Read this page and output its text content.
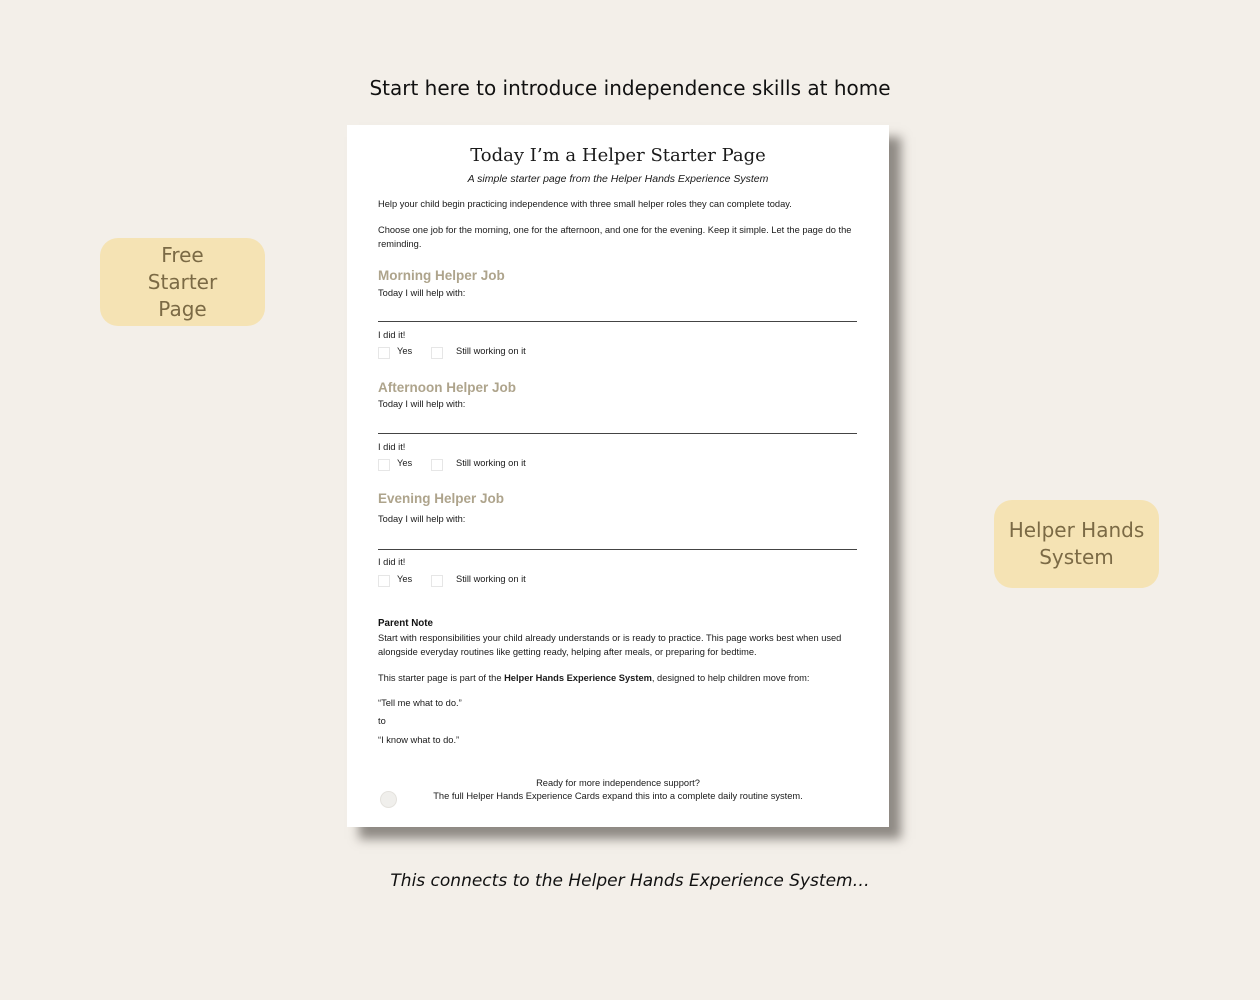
Start here to introduce independence skills at home
Free Starter Page
Helper Hands System
Today I’m a Helper Starter Page
A simple starter page from the Helper Hands Experience System
Help your child begin practicing independence with three small helper roles they can complete today.
Choose one job for the morning, one for the afternoon, and one for the evening. Keep it simple. Let the page do the reminding.
Morning Helper Job
Today I will help with:
I did it!
Yes	Still working on it
Afternoon Helper Job
Today I will help with:
I did it!
Yes	Still working on it
Evening Helper Job
Today I will help with:
I did it!
Yes	Still working on it
Parent Note
Start with responsibilities your child already understands or is ready to practice. This page works best when used alongside everyday routines like getting ready, helping after meals, or preparing for bedtime.
This starter page is part of the Helper Hands Experience System, designed to help children move from:
“Tell me what to do.”
to
“I know what to do.”
Ready for more independence support?
The full Helper Hands Experience Cards expand this into a complete daily routine system.
This connects to the Helper Hands Experience System…
